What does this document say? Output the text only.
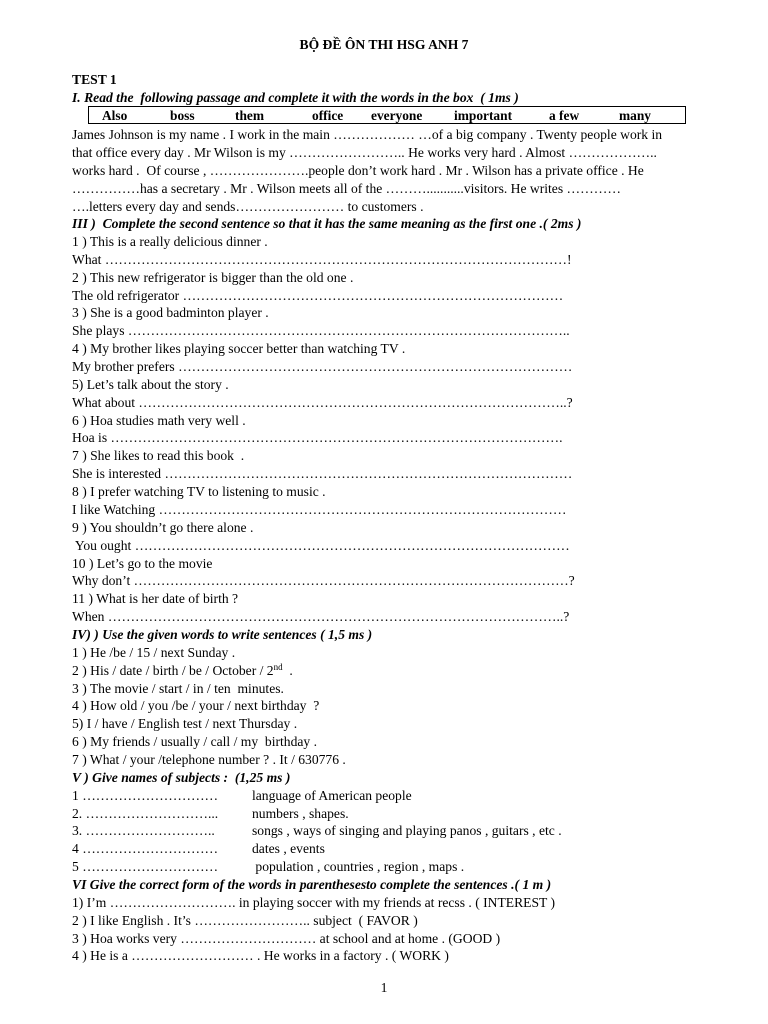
BỘ ĐỀ ÔN THI HSG ANH 7
TEST 1
I. Read the  following passage and complete it with the words in the box  ( 1ms )
Also	boss	them	office everyone important	a few	many
James Johnson is my name . I work in the main ……………… …of a big company . Twenty people work in
that office every day . Mr Wilson is my …………………….. He works very hard . Almost ………………..
works hard .  Of course , ………………….people don’t work hard . Mr . Wilson has a private office . He
……………has a secretary . Mr . Wilson meets all of the ………...........visitors. He writes …………
….letters every day and sends…………………… to customers .
III )  Complete the second sentence so that it has the same meaning as the first one .( 2ms )
1 ) This is a really delicious dinner .
What …………………………………………………………………………………………!
2 ) This new refrigerator is bigger than the old one .
The old refrigerator …………………………………………………………………………
3 ) She is a good badminton player .
She plays ……………………………………………………………………………………..
4 ) My brother likes playing soccer better than watching TV .
My brother prefers ……………………………………………………………………………
5) Let’s talk about the story .
What about …………………………………………………………………………………..?
6 ) Hoa studies math very well .
Hoa is ……………………………………………………………………………………….
7 ) She likes to read this book  .
She is interested ………………………………………………………………………………
8 ) I prefer watching TV to listening to music .
I like Watching ………………………………………………………………………………
9 ) You shouldn’t go there alone .
You ought ……………………………………………………………………………………
10 ) Let’s go to the movie
Why don’t ……………………………………………………………………………………?
11 ) What is her date of birth ?
When ………………………………………………………………………………………..?
IV) ) Use the given words to write sentences ( 1,5 ms )
1 ) He /be / 15 / next Sunday .
2 ) His / date / birth / be / October / 2nd  .
3 ) The movie / start / in / ten  minutes.
4 ) How old / you /be / your / next birthday  ?
5) I / have / English test / next Thursday .
6 ) My friends / usually / call / my  birthday .
7 ) What / your /telephone number ? . It / 630776 .
V ) Give names of subjects :  (1,25 ms )
1 ………………………… language of American people
2. ………………………... numbers , shapes.
3. ………………………..	songs , ways of singing and playing panos , guitars , etc .
4 ………………………… dates , events
5 ………………………… population , countries , region , maps .
VI Give the correct form of the words in parenthesesto complete the sentences .( 1 m )
1) I’m ………………………. in playing soccer with my friends at recss . ( INTEREST )
2 ) I like English . It’s …………………….. subject  ( FAVOR )
3 ) Hoa works very ………………………… at school and at home . (GOOD )
4 ) He is a ……………………… . He works in a factory . ( WORK )
1
